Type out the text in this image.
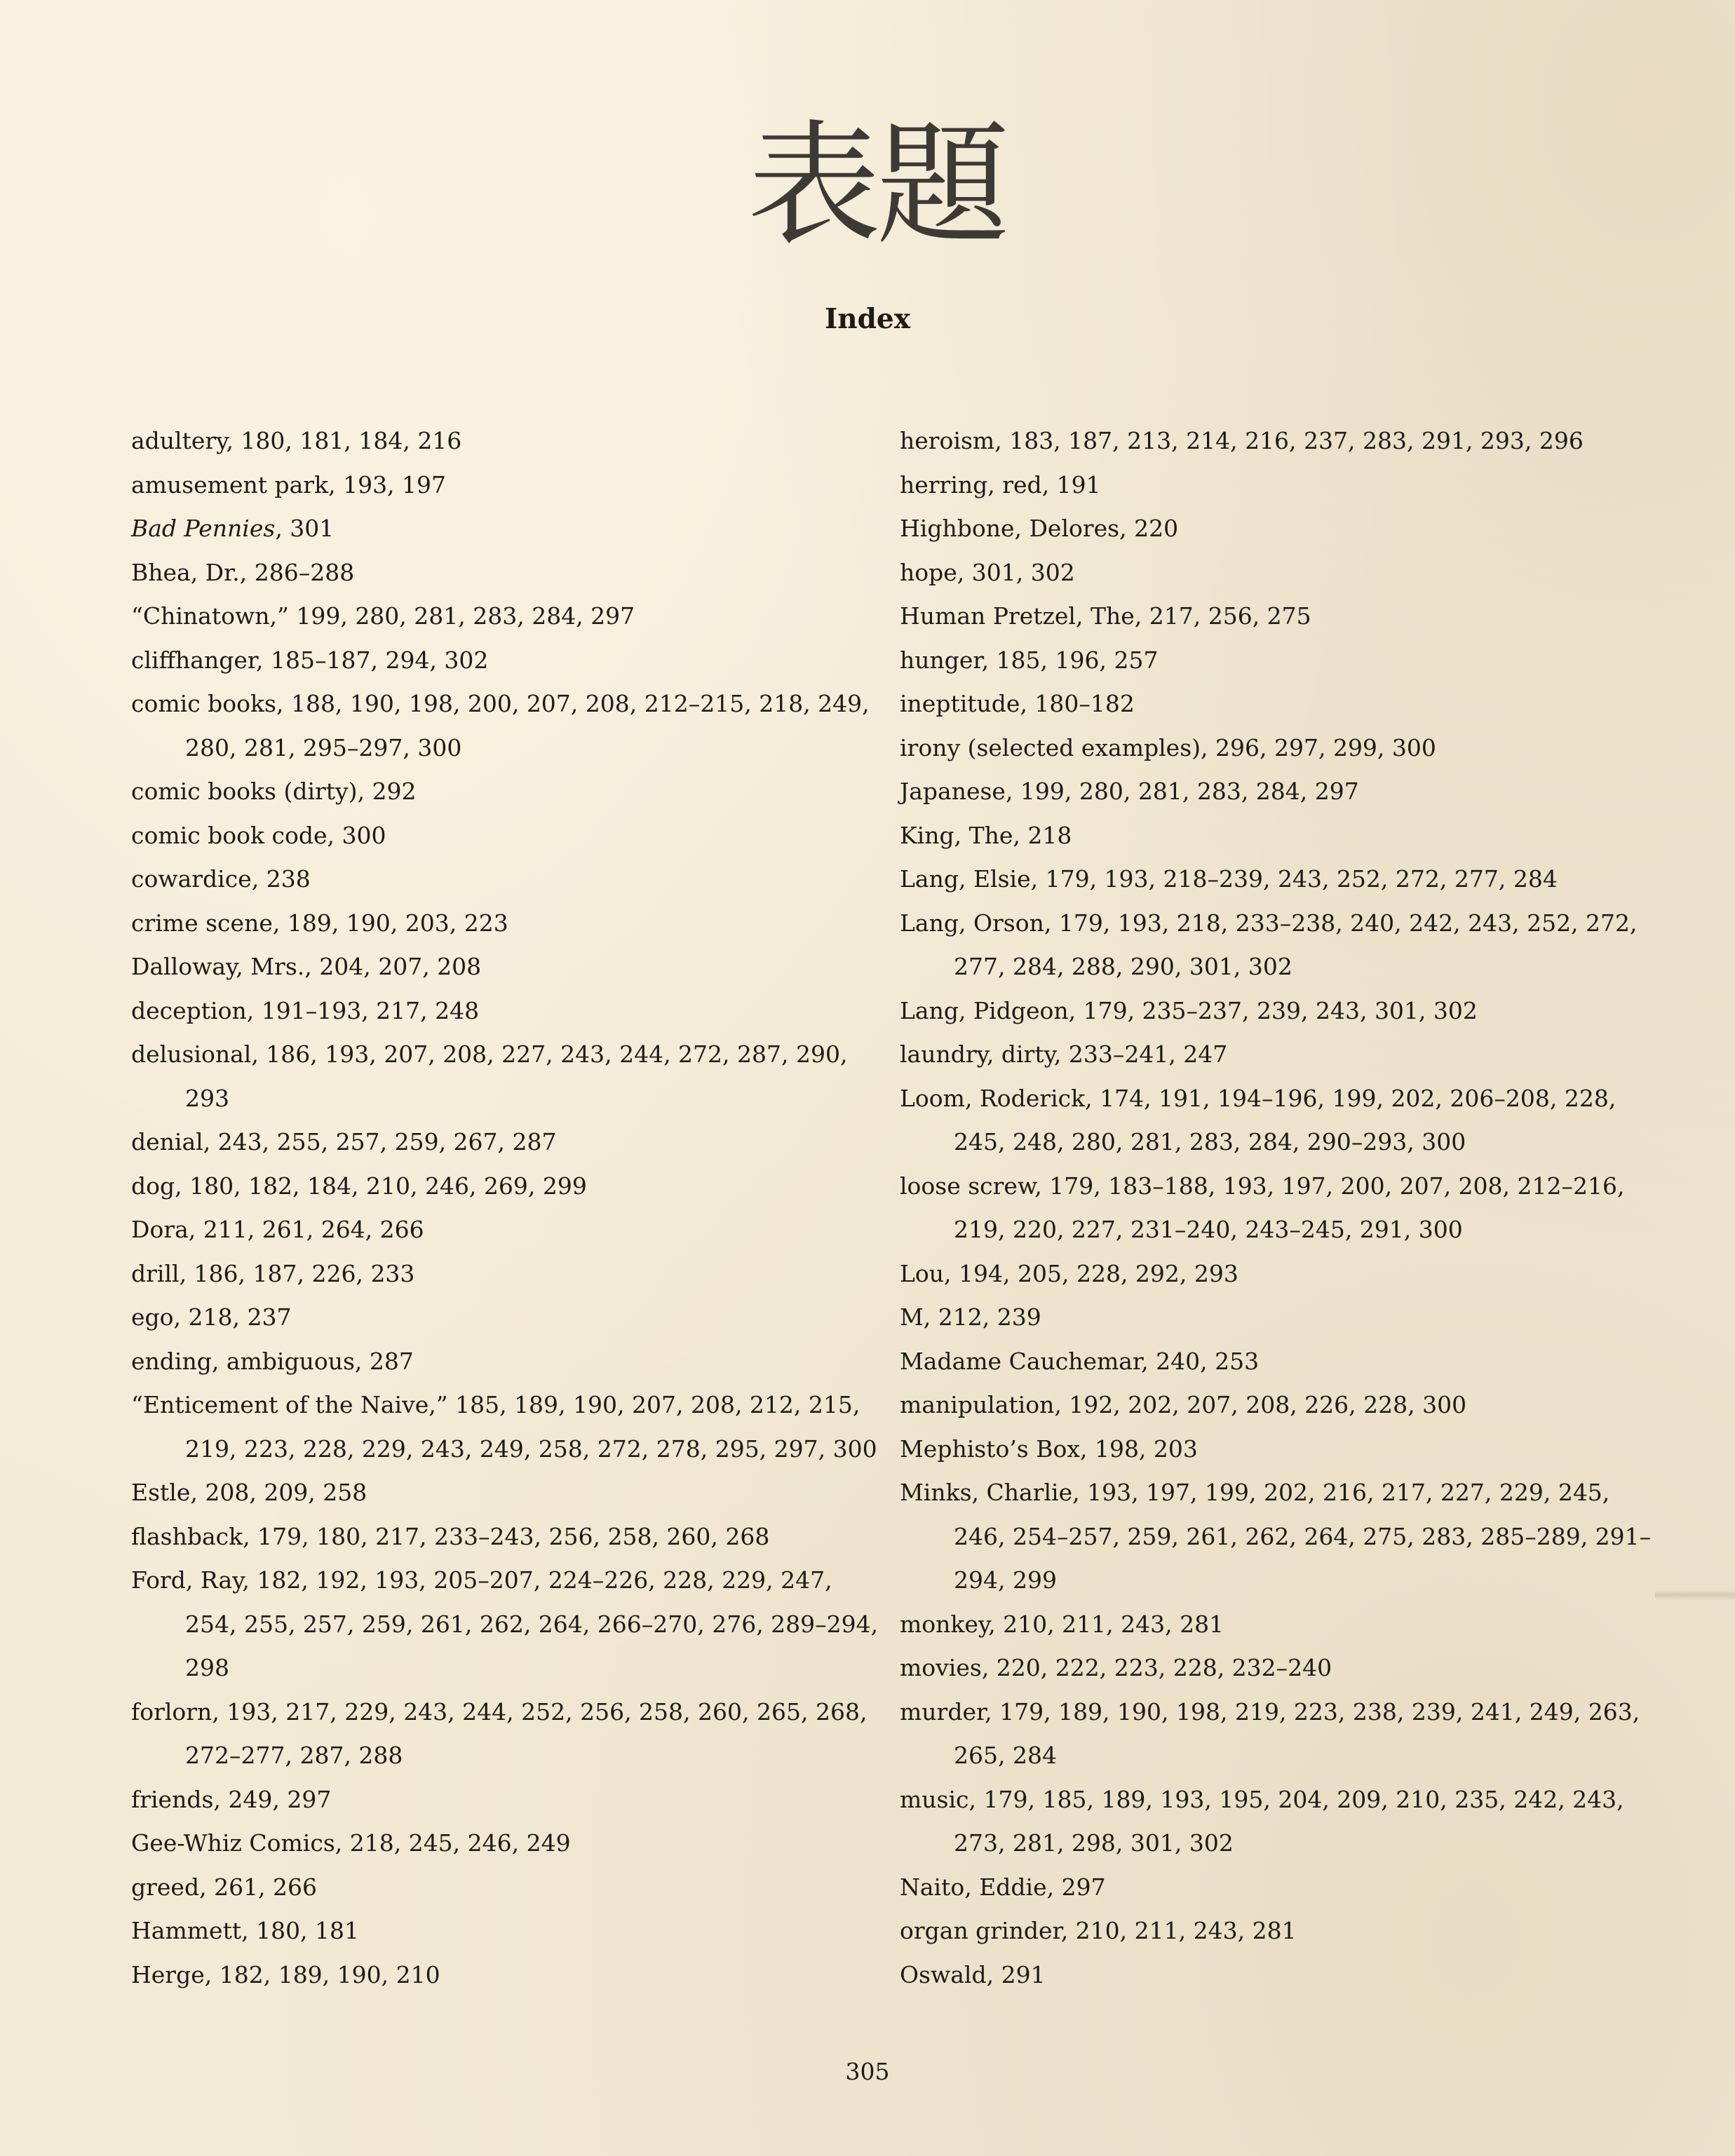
表題
Index
adultery, 180, 181, 184, 216
amusement park, 193, 197
Bad Pennies, 301
Bhea, Dr., 286–288
“Chinatown,” 199, 280, 281, 283, 284, 297
cliffhanger, 185–187, 294, 302
comic books, 188, 190, 198, 200, 207, 208, 212–215, 218, 249, 280, 281, 295–297, 300
comic books (dirty), 292
comic book code, 300
cowardice, 238
crime scene, 189, 190, 203, 223
Dalloway, Mrs., 204, 207, 208
deception, 191–193, 217, 248
delusional, 186, 193, 207, 208, 227, 243, 244, 272, 287, 290, 293
denial, 243, 255, 257, 259, 267, 287
dog, 180, 182, 184, 210, 246, 269, 299
Dora, 211, 261, 264, 266
drill, 186, 187, 226, 233
ego, 218, 237
ending, ambiguous, 287
“Enticement of the Naive,” 185, 189, 190, 207, 208, 212, 215, 219, 223, 228, 229, 243, 249, 258, 272, 278, 295, 297, 300
Estle, 208, 209, 258
flashback, 179, 180, 217, 233–243, 256, 258, 260, 268
Ford, Ray, 182, 192, 193, 205–207, 224–226, 228, 229, 247, 254, 255, 257, 259, 261, 262, 264, 266–270, 276, 289–294, 298
forlorn, 193, 217, 229, 243, 244, 252, 256, 258, 260, 265, 268, 272–277, 287, 288
friends, 249, 297
Gee-Whiz Comics, 218, 245, 246, 249
greed, 261, 266
Hammett, 180, 181
Herge, 182, 189, 190, 210
heroism, 183, 187, 213, 214, 216, 237, 283, 291, 293, 296
herring, red, 191
Highbone, Delores, 220
hope, 301, 302
Human Pretzel, The, 217, 256, 275
hunger, 185, 196, 257
ineptitude, 180–182
irony (selected examples), 296, 297, 299, 300
Japanese, 199, 280, 281, 283, 284, 297
King, The, 218
Lang, Elsie, 179, 193, 218–239, 243, 252, 272, 277, 284
Lang, Orson, 179, 193, 218, 233–238, 240, 242, 243, 252, 272, 277, 284, 288, 290, 301, 302
Lang, Pidgeon, 179, 235–237, 239, 243, 301, 302
laundry, dirty, 233–241, 247
Loom, Roderick, 174, 191, 194–196, 199, 202, 206–208, 228, 245, 248, 280, 281, 283, 284, 290–293, 300
loose screw, 179, 183–188, 193, 197, 200, 207, 208, 212–216, 219, 220, 227, 231–240, 243–245, 291, 300
Lou, 194, 205, 228, 292, 293
M, 212, 239
Madame Cauchemar, 240, 253
manipulation, 192, 202, 207, 208, 226, 228, 300
Mephisto’s Box, 198, 203
Minks, Charlie, 193, 197, 199, 202, 216, 217, 227, 229, 245, 246, 254–257, 259, 261, 262, 264, 275, 283, 285–289, 291–294, 299
monkey, 210, 211, 243, 281
movies, 220, 222, 223, 228, 232–240
murder, 179, 189, 190, 198, 219, 223, 238, 239, 241, 249, 263, 265, 284
music, 179, 185, 189, 193, 195, 204, 209, 210, 235, 242, 243, 273, 281, 298, 301, 302
Naito, Eddie, 297
organ grinder, 210, 211, 243, 281
Oswald, 291
305
